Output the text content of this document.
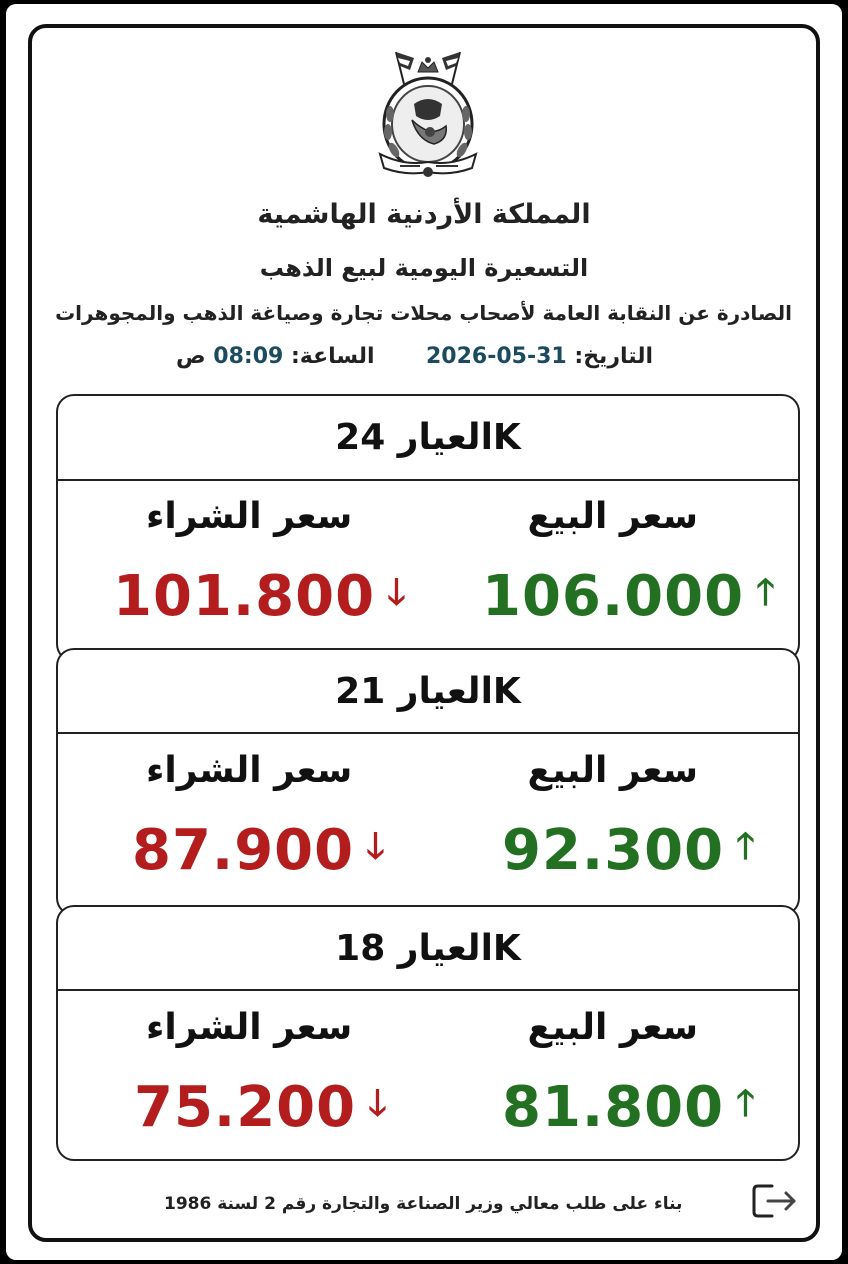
المملكة الأردنية الهاشمية
التسعيرة اليومية لبيع الذهب
الصادرة عن النقابة العامة لأصحاب محلات تجارة وصياغة الذهب والمجوهرات
التاريخ: 2026-05-31
الساعة: 08:09 ص
العيار 24K
سعر البيع
سعر الشراء
106.000 🡑
101.800 🡓
العيار 21K
سعر البيع
سعر الشراء
92.300 🡑
87.900 🡓
العيار 18K
سعر البيع
سعر الشراء
81.800 🡑
75.200 🡓
بناء على طلب معالي وزير الصناعة والتجارة رقم 2 لسنة 1986
